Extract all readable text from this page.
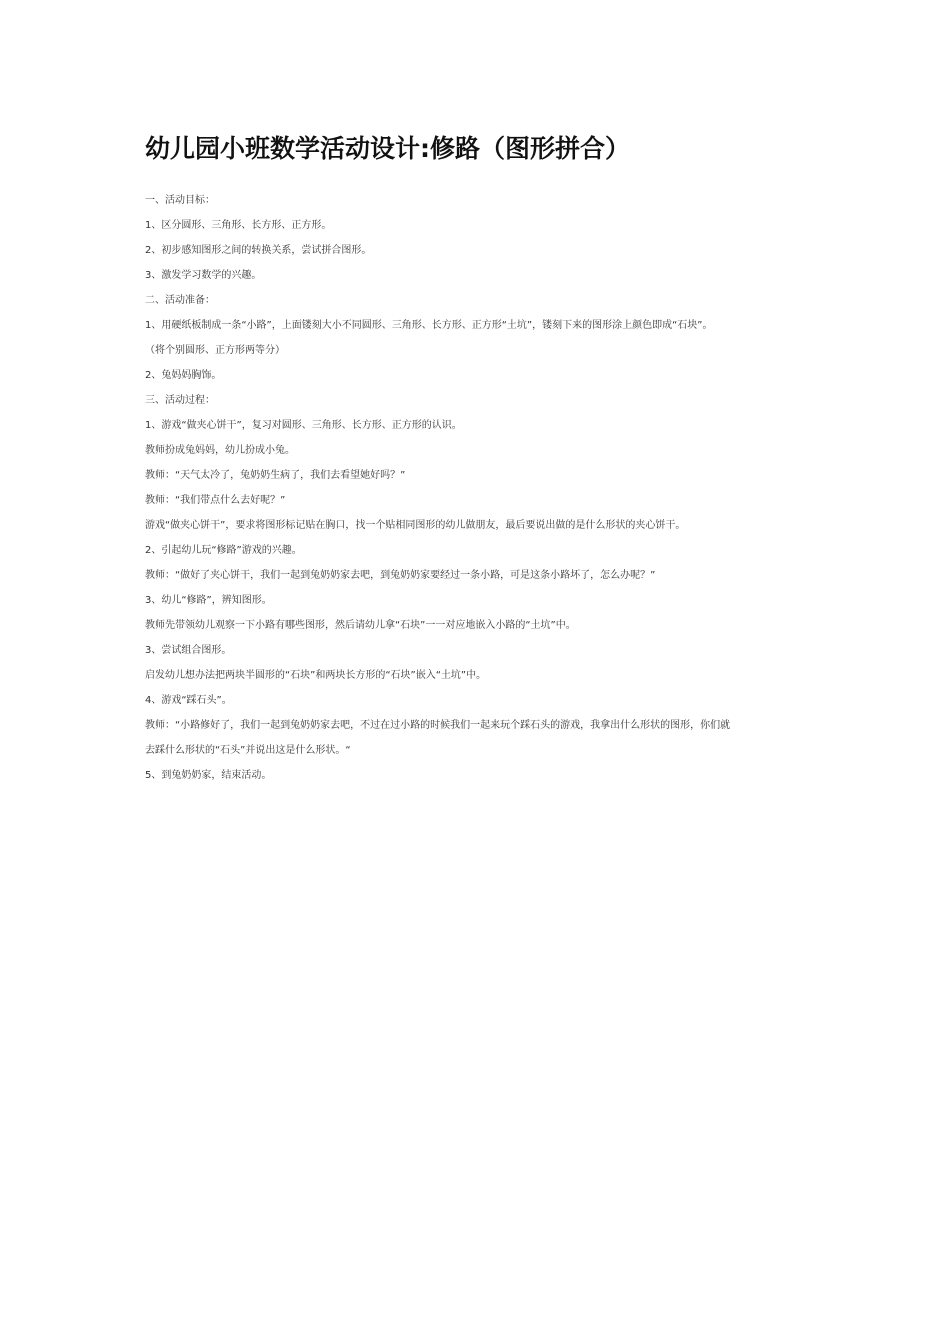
幼儿园小班数学活动设计:修路（图形拼合）

一、活动目标：

1、区分圆形、三角形、长方形、正方形。

2、初步感知图形之间的转换关系，尝试拼合图形。

3、激发学习数学的兴趣。

二、活动准备：

1、用硬纸板制成一条“小路”，上面镂刻大小不同圆形、三角形、长方形、正方形“土坑”，镂刻下来的图形涂上颜色即成“石块”。

（将个别圆形、正方形两等分）

2、兔妈妈胸饰。

三、活动过程：

1、游戏“做夹心饼干”，复习对圆形、三角形、长方形、正方形的认识。

教师扮成兔妈妈，幼儿扮成小兔。

教师：“天气太冷了，兔奶奶生病了，我们去看望她好吗？”

教师：“我们带点什么去好呢？”

游戏“做夹心饼干”，要求将图形标记贴在胸口，找一个贴相同图形的幼儿做朋友，最后要说出做的是什么形状的夹心饼干。

2、引起幼儿玩“修路”游戏的兴趣。

教师：“做好了夹心饼干，我们一起到兔奶奶家去吧，到兔奶奶家要经过一条小路，可是这条小路坏了，怎么办呢？”

3、幼儿“修路”，辨知图形。

教师先带领幼儿观察一下小路有哪些图形，然后请幼儿拿“石块”一一对应地嵌入小路的“土坑”中。

3、尝试组合图形。

启发幼儿想办法把两块半圆形的“石块”和两块长方形的“石块”嵌入“土坑”中。

4、游戏“踩石头”。

教师：“小路修好了，我们一起到兔奶奶家去吧，不过在过小路的时候我们一起来玩个踩石头的游戏，我拿出什么形状的图形，你们就

去踩什么形状的“石头”并说出这是什么形状。“

5、到兔奶奶家，结束活动。
